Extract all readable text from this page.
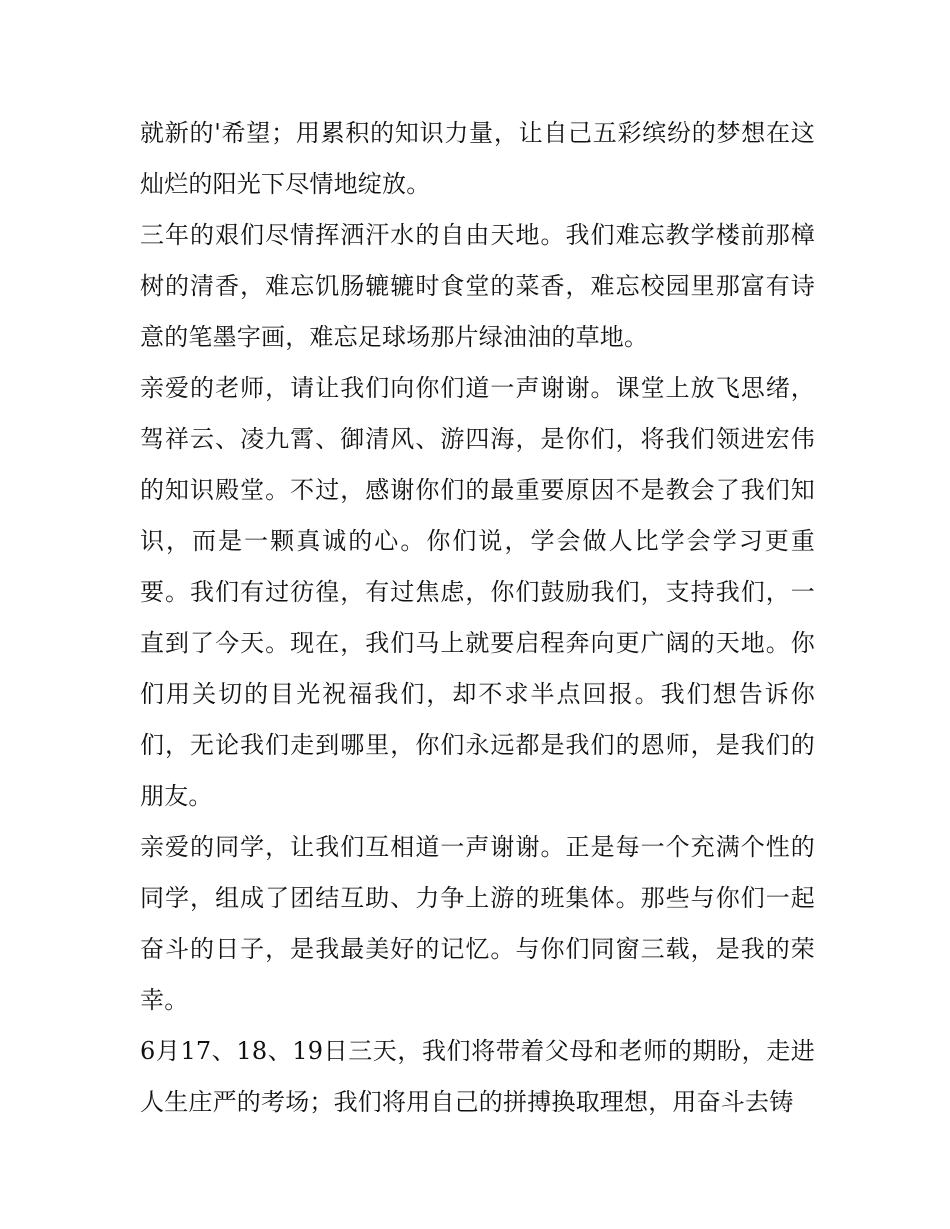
就新的'希望；用累积的知识力量，让自己五彩缤纷的梦想在这灿烂的阳光下尽情地绽放。

三年的艰们尽情挥洒汗水的自由天地。我们难忘教学楼前那樟树的清香，难忘饥肠辘辘时食堂的菜香，难忘校园里那富有诗意的笔墨字画，难忘足球场那片绿油油的草地。

亲爱的老师，请让我们向你们道一声谢谢。课堂上放飞思绪，驾祥云、凌九霄、御清风、游四海，是你们，将我们领进宏伟的知识殿堂。不过，感谢你们的最重要原因不是教会了我们知识，而是一颗真诚的心。你们说，学会做人比学会学习更重要。我们有过彷徨，有过焦虑，你们鼓励我们，支持我们，一直到了今天。现在，我们马上就要启程奔向更广阔的天地。你们用关切的目光祝福我们，却不求半点回报。我们想告诉你们，无论我们走到哪里，你们永远都是我们的恩师，是我们的朋友。

亲爱的同学，让我们互相道一声谢谢。正是每一个充满个性的同学，组成了团结互助、力争上游的班集体。那些与你们一起奋斗的日子，是我最美好的记忆。与你们同窗三载，是我的荣幸。

6月17、18、19日三天，我们将带着父母和老师的期盼，走进人生庄严的考场；我们将用自己的拼搏换取理想，用奋斗去铸
